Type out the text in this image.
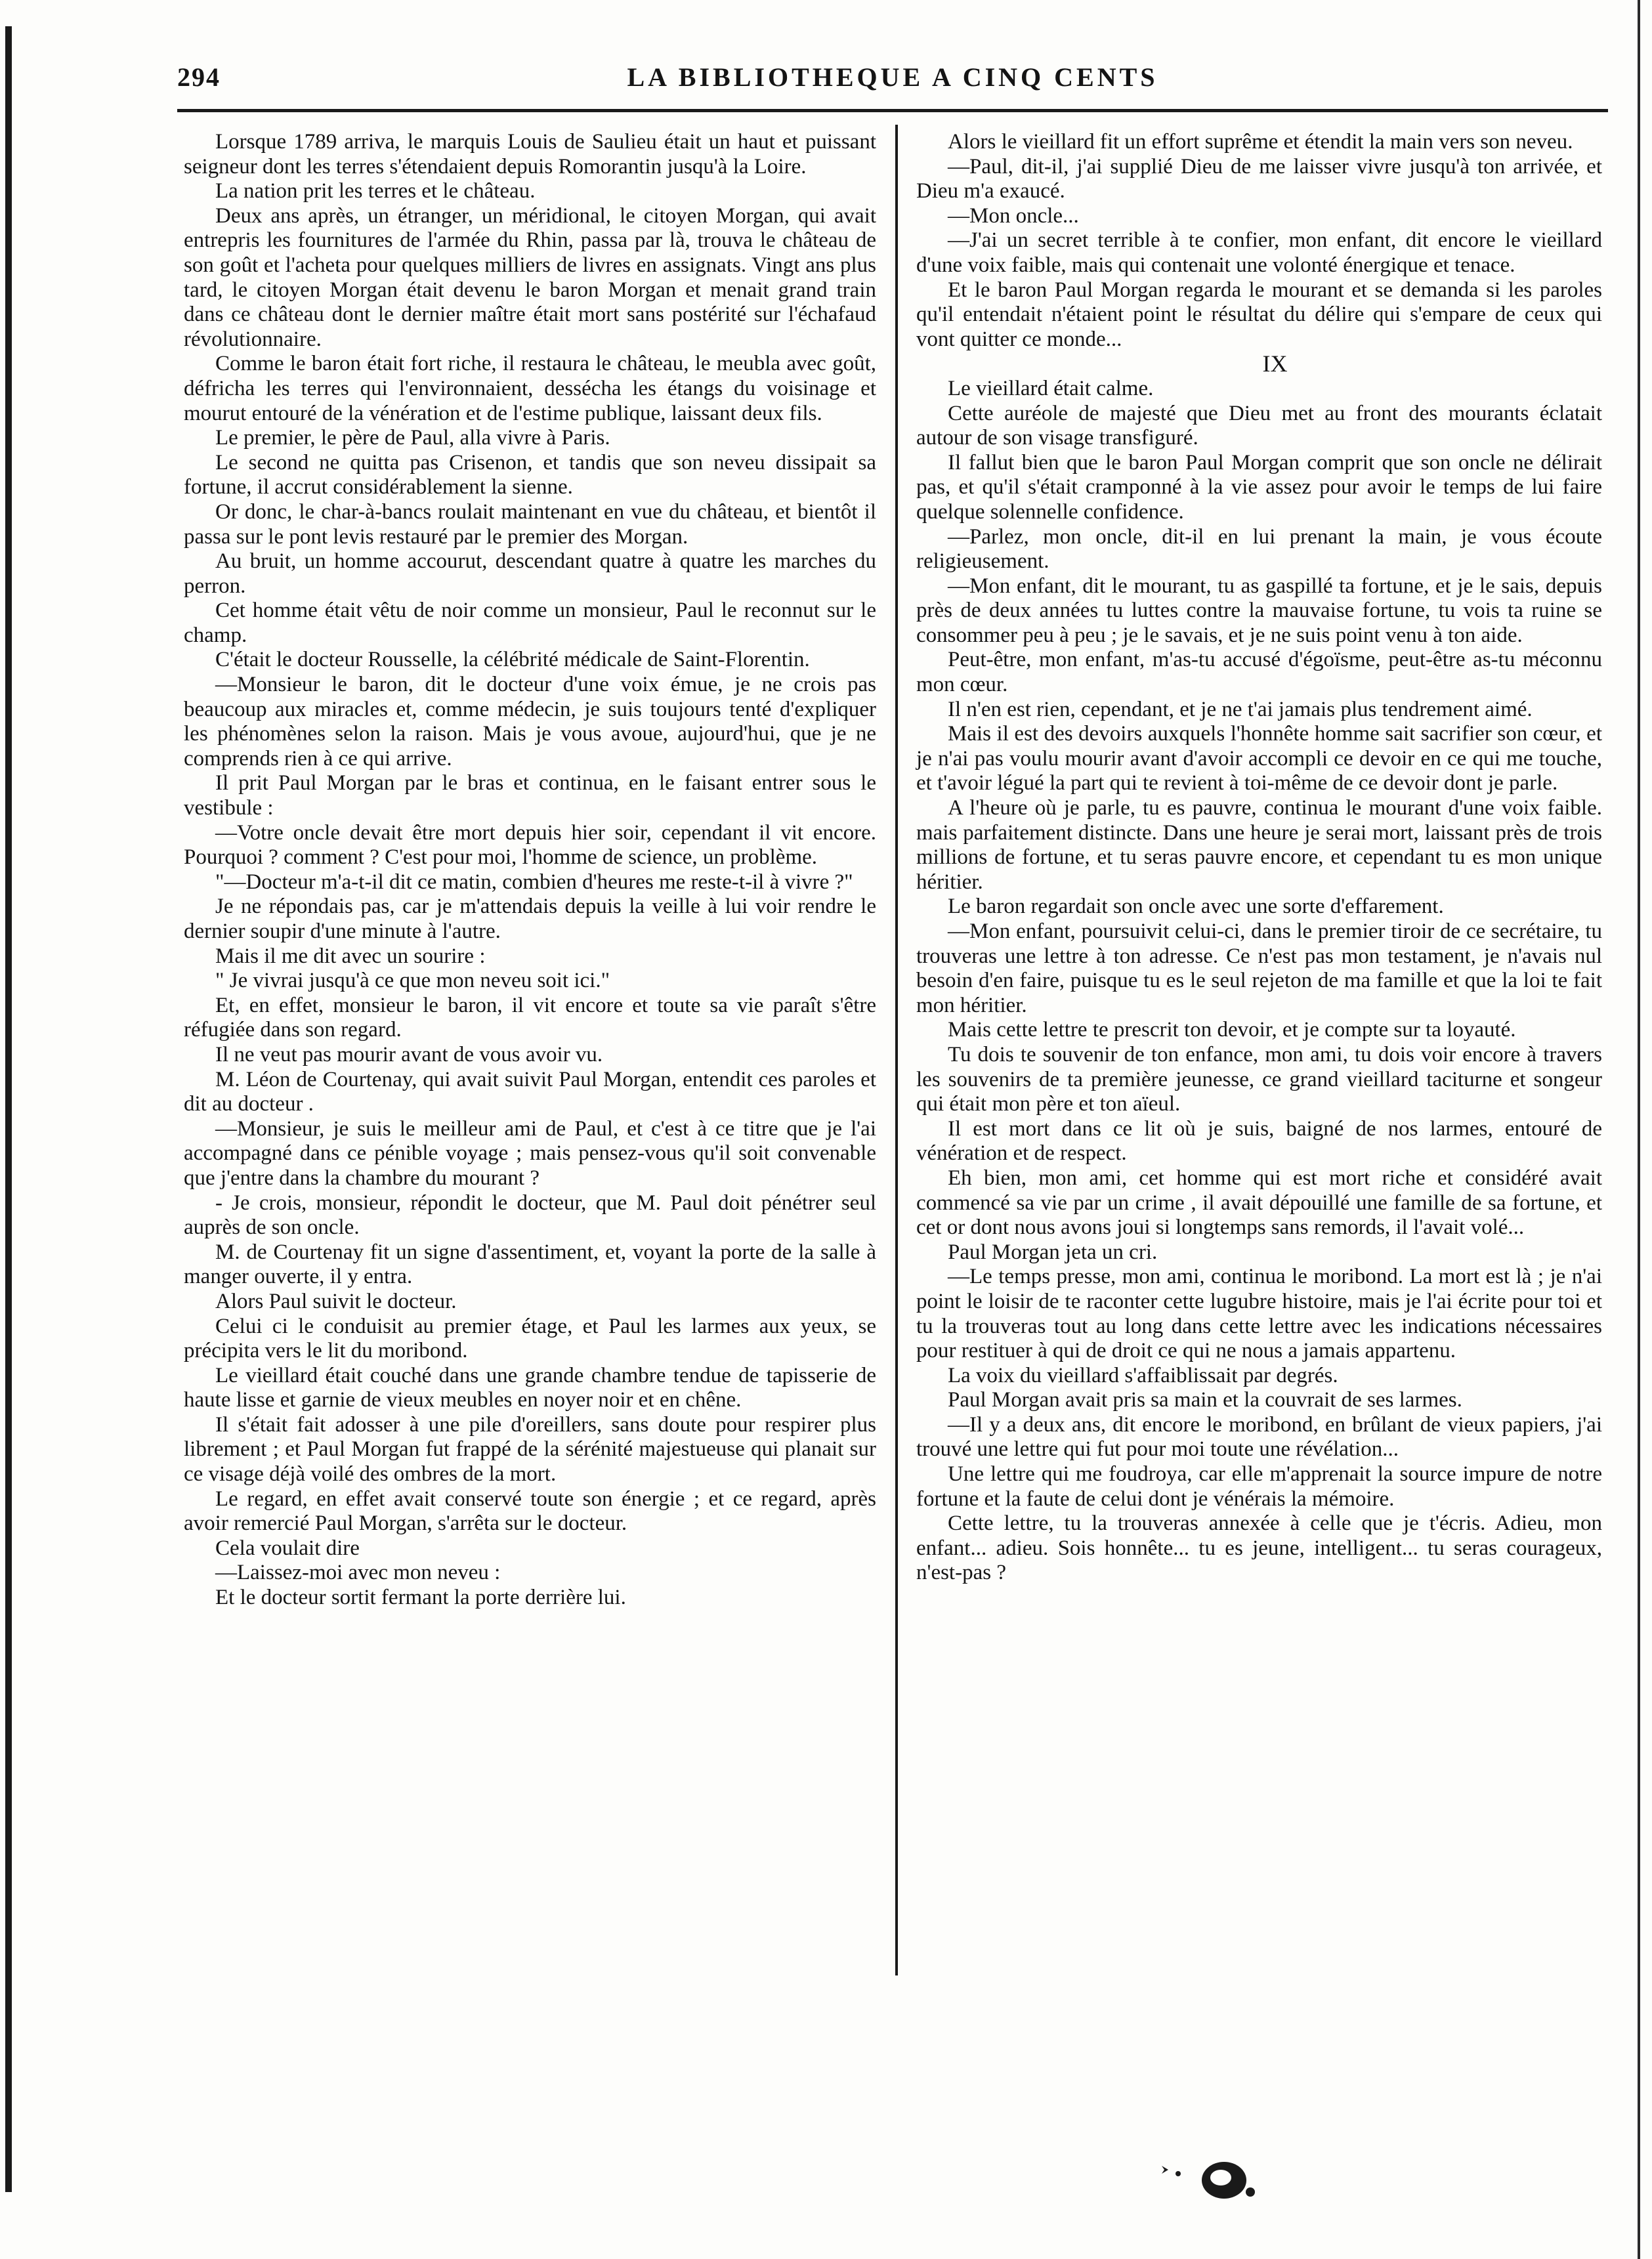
294	LA BIBLIOTHEQUE A CINQ CENTS

Lorsque 1789 arriva, le marquis Louis de Saulieu était un haut et puissant seigneur dont les terres s'étendaient depuis Romorantin jusqu'à la Loire.

La nation prit les terres et le château.

Deux ans après, un étranger, un méridional, le citoyen Morgan, qui avait entrepris les fournitures de l'armée du Rhin, passa par là, trouva le château de son goût et l'acheta pour quelques milliers de livres en assignats. Vingt ans plus tard, le citoyen Morgan était devenu le baron Morgan et menait grand train dans ce château dont le dernier maître était mort sans postérité sur l'échafaud révolutionnaire.

Comme le baron était fort riche, il restaura le château, le meubla avec goût, défricha les terres qui l'environnaient, dessécha les étangs du voisinage et mourut entouré de la vénération et de l'estime publique, laissant deux fils.

Le premier, le père de Paul, alla vivre à Paris.

Le second ne quitta pas Crisenon, et tandis que son neveu dissipait sa fortune, il accrut considérablement la sienne.

Or donc, le char-à-bancs roulait maintenant en vue du château, et bientôt il passa sur le pont levis restauré par le premier des Morgan.

Au bruit, un homme accourut, descendant quatre à quatre les marches du perron.

Cet homme était vêtu de noir comme un monsieur, Paul le reconnut sur le champ.

C'était le docteur Rousselle, la célébrité médicale de Saint-Florentin.

—Monsieur le baron, dit le docteur d'une voix émue, je ne crois pas beaucoup aux miracles et, comme médecin, je suis toujours tenté d'expliquer les phénomènes selon la raison. Mais je vous avoue, aujourd'hui, que je ne comprends rien à ce qui arrive.

Il prit Paul Morgan par le bras et continua, en le faisant entrer sous le vestibule :

—Votre oncle devait être mort depuis hier soir, cependant il vit encore. Pourquoi ? comment ? C'est pour moi, l'homme de science, un problème.

"—Docteur m'a-t-il dit ce matin, combien d'heures me reste-t-il à vivre ?"

Je ne répondais pas, car je m'attendais depuis la veille à lui voir rendre le dernier soupir d'une minute à l'autre.

Mais il me dit avec un sourire :

" Je vivrai jusqu'à ce que mon neveu soit ici."

Et, en effet, monsieur le baron, il vit encore et toute sa vie paraît s'être réfugiée dans son regard.

Il ne veut pas mourir avant de vous avoir vu.

M. Léon de Courtenay, qui avait suivit Paul Morgan, entendit ces paroles et dit au docteur .

—Monsieur, je suis le meilleur ami de Paul, et c'est à ce titre que je l'ai accompagné dans ce pénible voyage ; mais pensez-vous qu'il soit convenable que j'entre dans la chambre du mourant ?

- Je crois, monsieur, répondit le docteur, que M. Paul doit pénétrer seul auprès de son oncle.

M. de Courtenay fit un signe d'assentiment, et, voyant la porte de la salle à manger ouverte, il y entra.

Alors Paul suivit le docteur.

Celui ci le conduisit au premier étage, et Paul les larmes aux yeux, se précipita vers le lit du moribond.

Le vieillard était couché dans une grande chambre tendue de tapisserie de haute lisse et garnie de vieux meubles en noyer noir et en chêne.

Il s'était fait adosser à une pile d'oreillers, sans doute pour respirer plus librement ; et Paul Morgan fut frappé de la sérénité majestueuse qui planait sur ce visage déjà voilé des ombres de la mort.

Le regard, en effet avait conservé toute son énergie ; et ce regard, après avoir remercié Paul Morgan, s'arrêta sur le docteur.

Cela voulait dire

—Laissez-moi avec mon neveu :

Et le docteur sortit fermant la porte derrière lui.

Alors le vieillard fit un effort suprême et étendit la main vers son neveu.

—Paul, dit-il, j'ai supplié Dieu de me laisser vivre jusqu'à ton arrivée, et Dieu m'a exaucé.

—Mon oncle...

—J'ai un secret terrible à te confier, mon enfant, dit encore le vieillard d'une voix faible, mais qui contenait une volonté énergique et tenace.

Et le baron Paul Morgan regarda le mourant et se demanda si les paroles qu'il entendait n'étaient point le résultat du délire qui s'empare de ceux qui vont quitter ce monde...

IX

Le vieillard était calme.

Cette auréole de majesté que Dieu met au front des mourants éclatait autour de son visage transfiguré.

Il fallut bien que le baron Paul Morgan comprit que son oncle ne délirait pas, et qu'il s'était cramponné à la vie assez pour avoir le temps de lui faire quelque solennelle confidence.

—Parlez, mon oncle, dit-il en lui prenant la main, je vous écoute religieusement.

—Mon enfant, dit le mourant, tu as gaspillé ta fortune, et je le sais, depuis près de deux années tu luttes contre la mauvaise fortune, tu vois ta ruine se consommer peu à peu ; je le savais, et je ne suis point venu à ton aide.

Peut-être, mon enfant, m'as-tu accusé d'égoïsme, peut-être as-tu méconnu mon cœur.

Il n'en est rien, cependant, et je ne t'ai jamais plus tendrement aimé.

Mais il est des devoirs auxquels l'honnête homme sait sacrifier son cœur, et je n'ai pas voulu mourir avant d'avoir accompli ce devoir en ce qui me touche, et t'avoir légué la part qui te revient à toi-même de ce devoir dont je parle.

A l'heure où je parle, tu es pauvre, continua le mourant d'une voix faible. mais parfaitement distincte. Dans une heure je serai mort, laissant près de trois millions de fortune, et tu seras pauvre encore, et cependant tu es mon unique héritier.

Le baron regardait son oncle avec une sorte d'effarement.

—Mon enfant, poursuivit celui-ci, dans le premier tiroir de ce secrétaire, tu trouveras une lettre à ton adresse. Ce n'est pas mon testament, je n'avais nul besoin d'en faire, puisque tu es le seul rejeton de ma famille et que la loi te fait mon héritier.

Mais cette lettre te prescrit ton devoir, et je compte sur ta loyauté.

Tu dois te souvenir de ton enfance, mon ami, tu dois voir encore à travers les souvenirs de ta première jeunesse, ce grand vieillard taciturne et songeur qui était mon père et ton aïeul.

Il est mort dans ce lit où je suis, baigné de nos larmes, entouré de vénération et de respect.

Eh bien, mon ami, cet homme qui est mort riche et considéré avait commencé sa vie par un crime , il avait dépouillé une famille de sa fortune, et cet or dont nous avons joui si longtemps sans remords, il l'avait volé...

Paul Morgan jeta un cri.

—Le temps presse, mon ami, continua le moribond. La mort est là ; je n'ai point le loisir de te raconter cette lugubre histoire, mais je l'ai écrite pour toi et tu la trouveras tout au long dans cette lettre avec les indications nécessaires pour restituer à qui de droit ce qui ne nous a jamais appartenu.

La voix du vieillard s'affaiblissait par degrés.

Paul Morgan avait pris sa main et la couvrait de ses larmes.

—Il y a deux ans, dit encore le moribond, en brûlant de vieux papiers, j'ai trouvé une lettre qui fut pour moi toute une révélation...

Une lettre qui me foudroya, car elle m'apprenait la source impure de notre fortune et la faute de celui dont je vénérais la mémoire.

Cette lettre, tu la trouveras annexée à celle que je t'écris. Adieu, mon enfant... adieu. Sois honnête... tu es jeune, intelligent... tu seras courageux, n'est-pas ?
